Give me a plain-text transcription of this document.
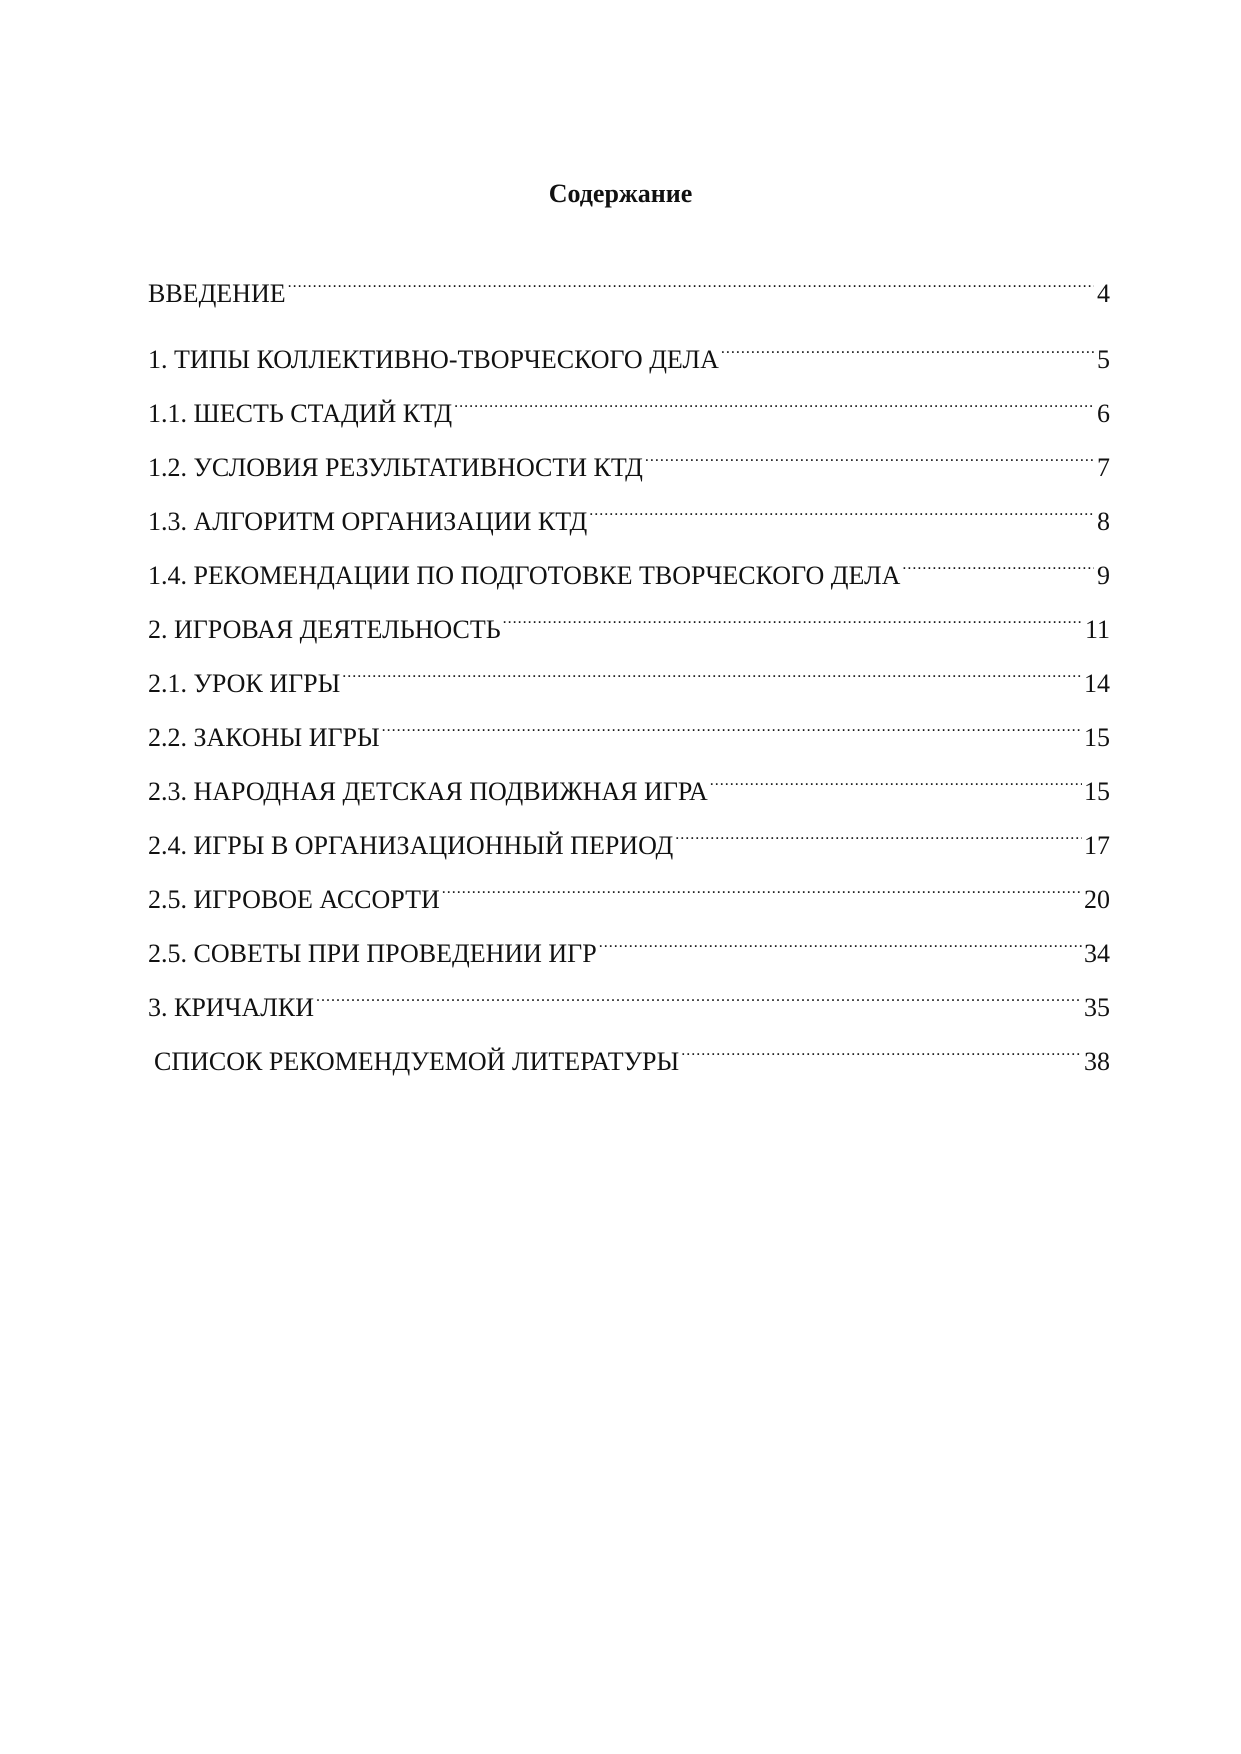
Содержание
ВВЕДЕНИЕ .....	4
1. ТИПЫ КОЛЛЕКТИВНО-ТВОРЧЕСКОГО ДЕЛА .....	5
1.1. ШЕСТЬ СТАДИЙ КТД .....	6
1.2. УСЛОВИЯ РЕЗУЛЬТАТИВНОСТИ КТД .....	7
1.3. АЛГОРИТМ ОРГАНИЗАЦИИ КТД .....	8
1.4. РЕКОМЕНДАЦИИ ПО ПОДГОТОВКЕ ТВОРЧЕСКОГО ДЕЛА .....	9
2. ИГРОВАЯ ДЕЯТЕЛЬНОСТЬ .....	11
2.1. УРОК ИГРЫ .....	14
2.2. ЗАКОНЫ ИГРЫ .....	15
2.3. НАРОДНАЯ ДЕТСКАЯ ПОДВИЖНАЯ ИГРА .....	15
2.4. ИГРЫ В ОРГАНИЗАЦИОННЫЙ ПЕРИОД .....	17
2.5. ИГРОВОЕ АССОРТИ .....	20
2.5. СОВЕТЫ ПРИ ПРОВЕДЕНИИ ИГР .....	34
3. КРИЧАЛКИ .....	35
СПИСОК РЕКОМЕНДУЕМОЙ ЛИТЕРАТУРЫ .....	38
